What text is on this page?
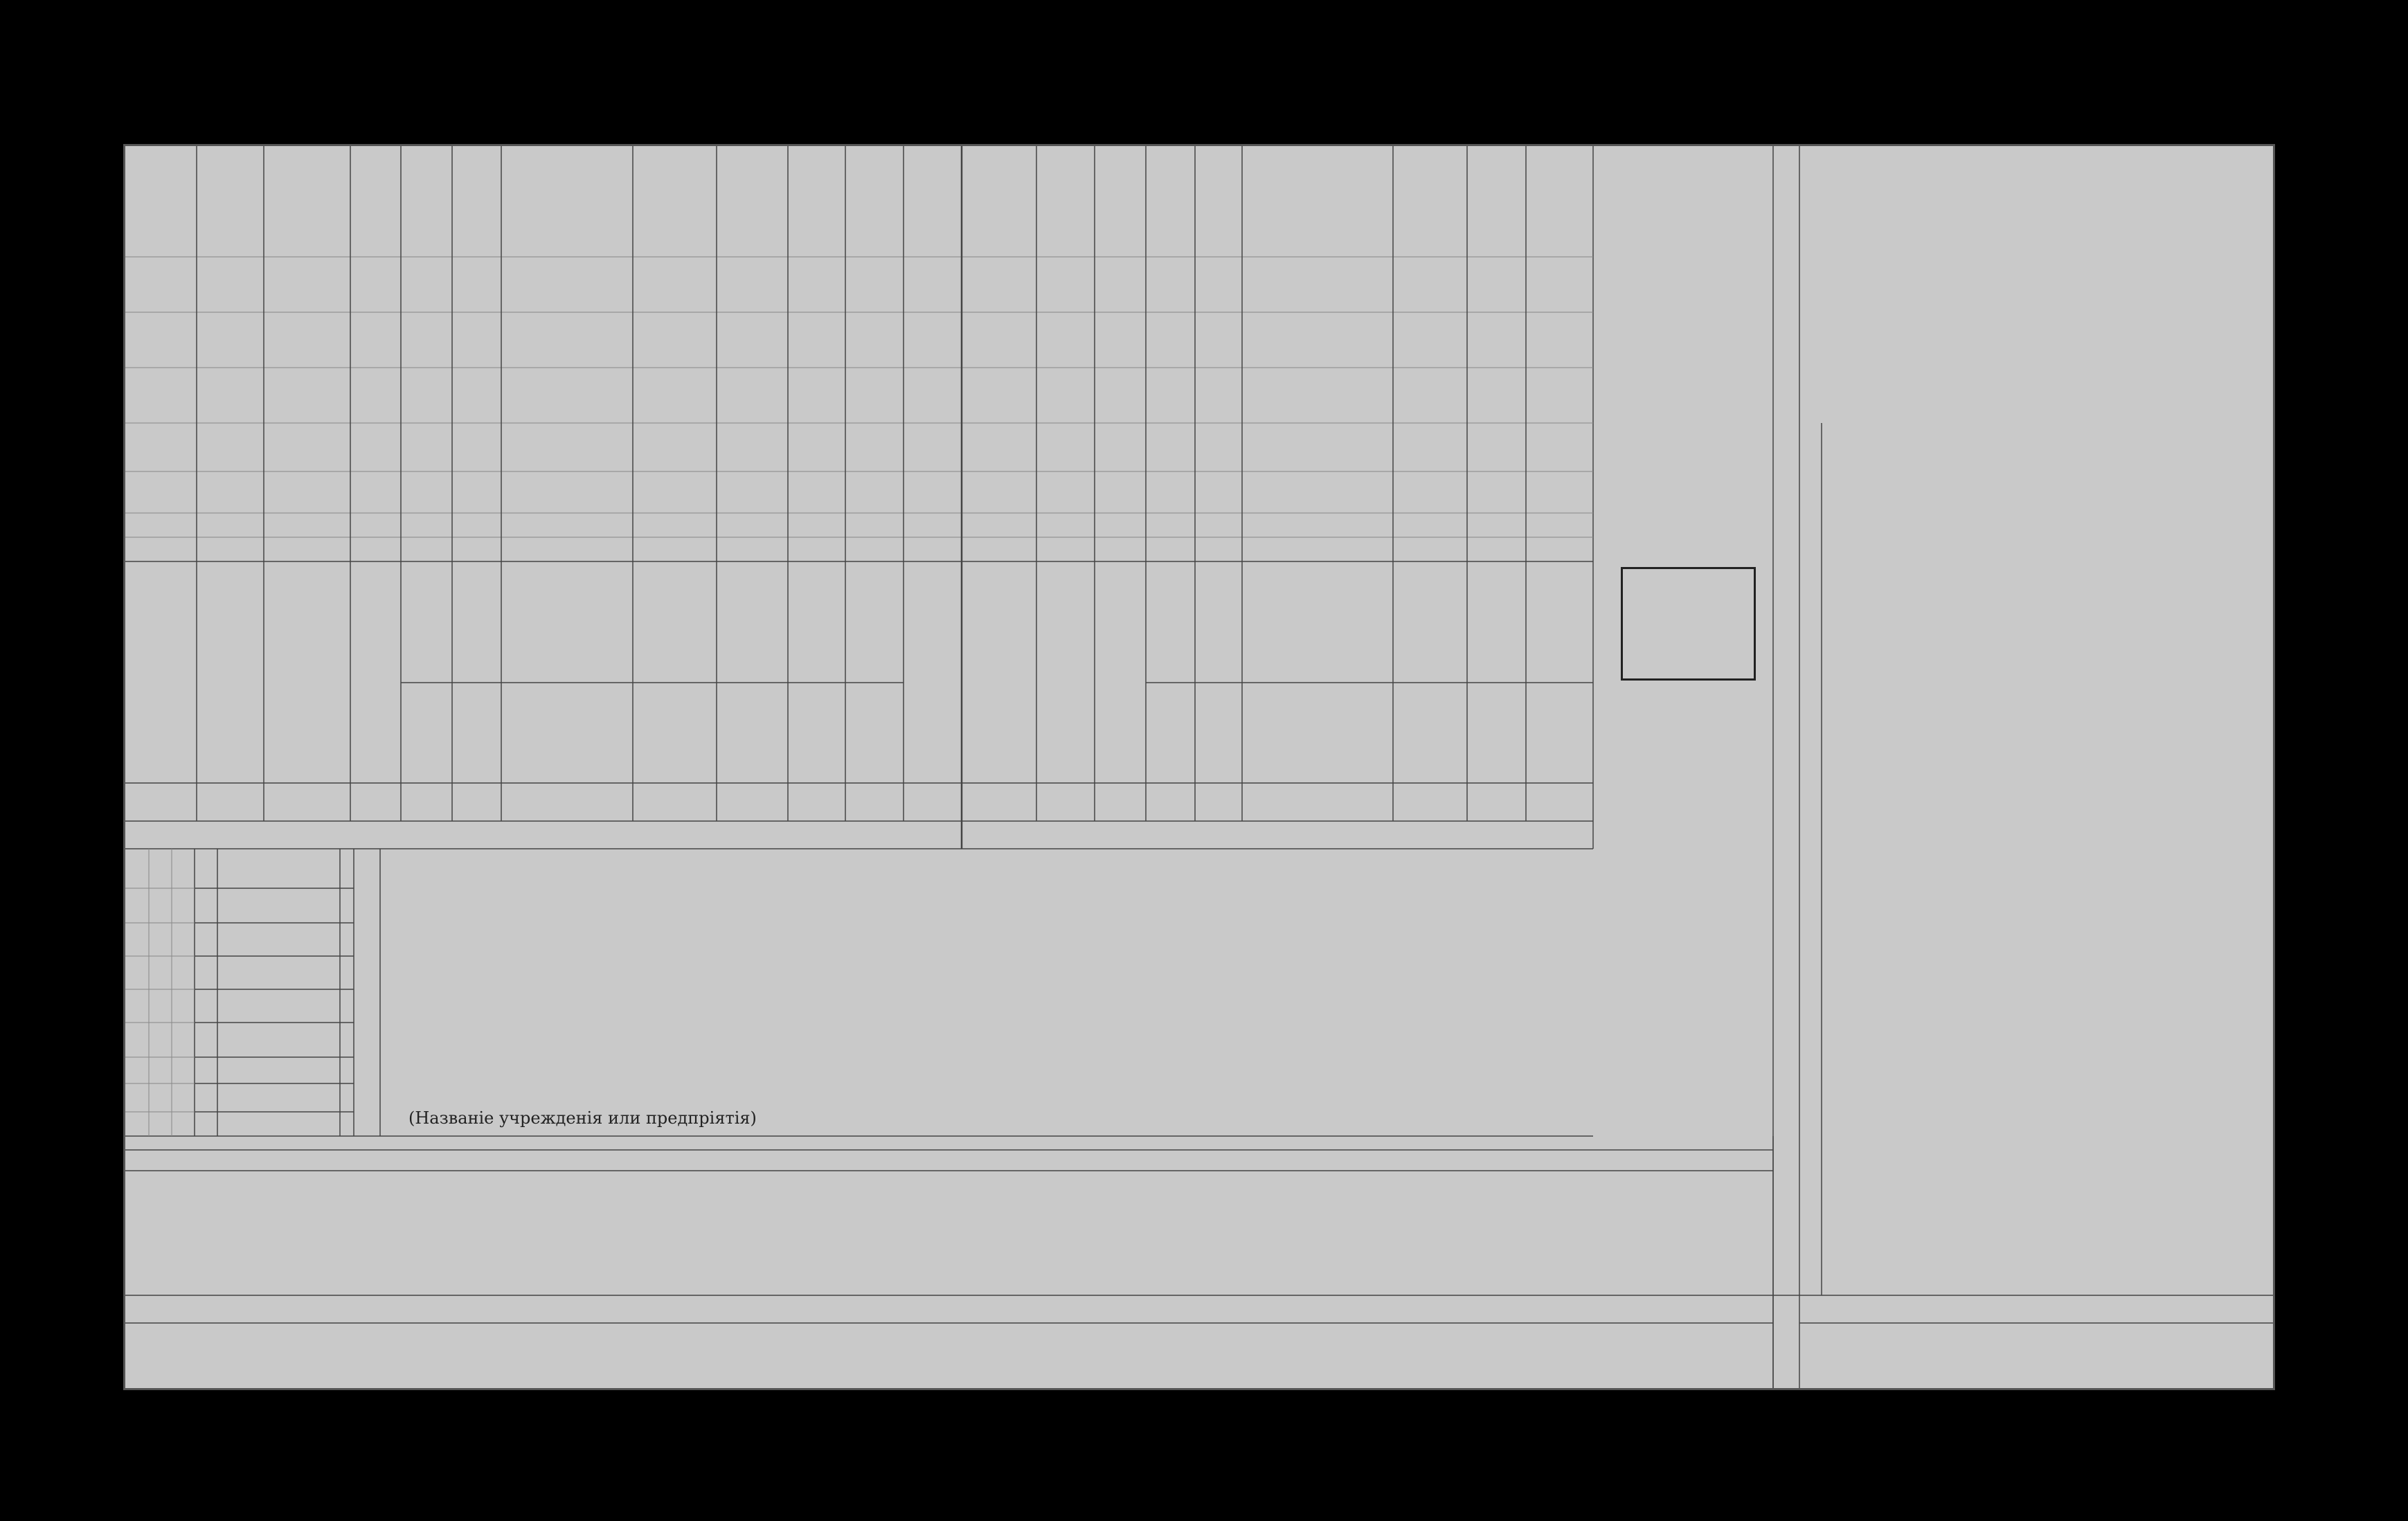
(Названіе учрежденія или предпріятія)
